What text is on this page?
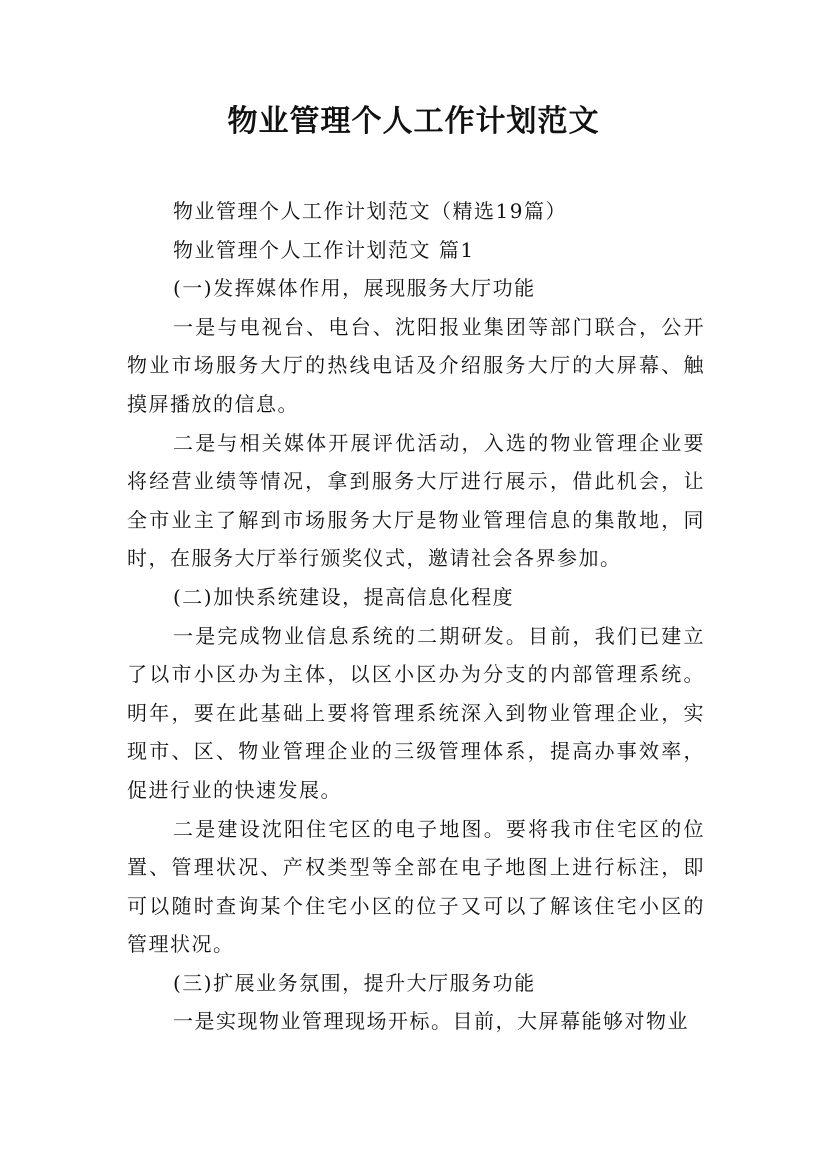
物业管理个人工作计划范文

物业管理个人工作计划范文（精选19篇）

物业管理个人工作计划范文 篇1

(一)发挥媒体作用，展现服务大厅功能

一是与电视台、电台、沈阳报业集团等部门联合，公开物业市场服务大厅的热线电话及介绍服务大厅的大屏幕、触摸屏播放的信息。

二是与相关媒体开展评优活动，入选的物业管理企业要将经营业绩等情况，拿到服务大厅进行展示，借此机会，让全市业主了解到市场服务大厅是物业管理信息的集散地，同时，在服务大厅举行颁奖仪式，邀请社会各界参加。

(二)加快系统建设，提高信息化程度

一是完成物业信息系统的二期研发。目前，我们已建立了以市小区办为主体，以区小区办为分支的内部管理系统。明年，要在此基础上要将管理系统深入到物业管理企业，实现市、区、物业管理企业的三级管理体系，提高办事效率，促进行业的快速发展。

二是建设沈阳住宅区的电子地图。要将我市住宅区的位置、管理状况、产权类型等全部在电子地图上进行标注，即可以随时查询某个住宅小区的位子又可以了解该住宅小区的管理状况。

(三)扩展业务氛围，提升大厅服务功能

一是实现物业管理现场开标。目前，大屏幕能够对物业
